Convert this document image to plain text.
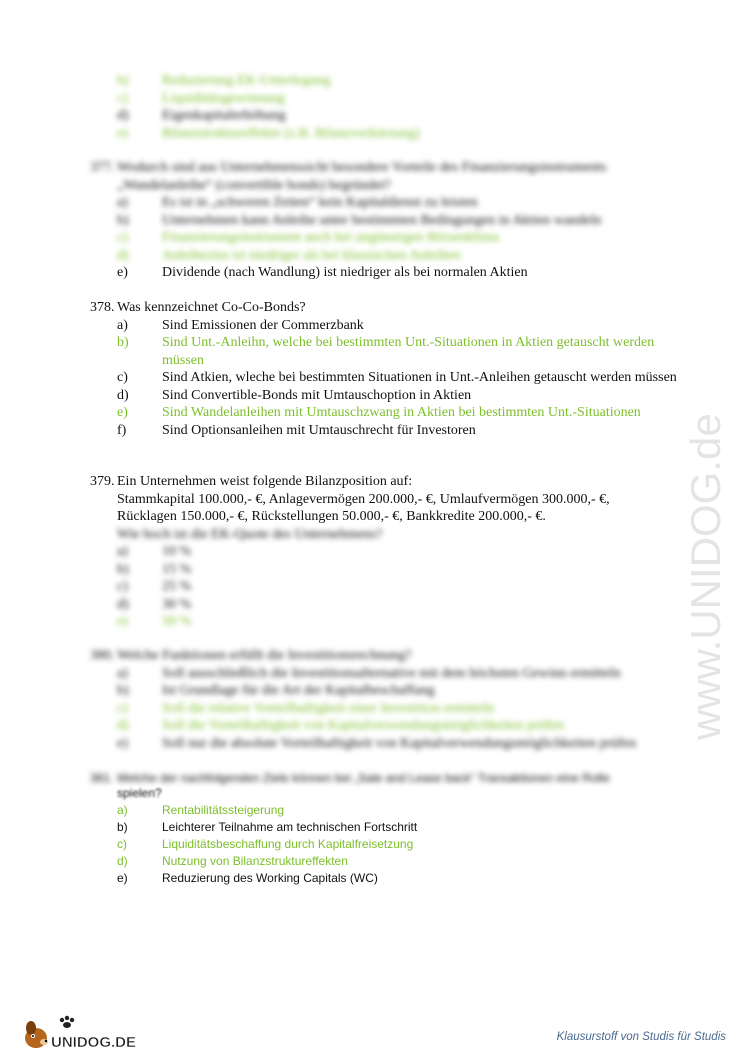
b)	Reduzierung EK-Unterlegung
c)	Liquiditätsgewinnung
d)	Eigenkapitalerhöhung
e)	Bilanzstruktureffekte (z.B. Bilanzverkürzung)
377. Wodurch sind aus Unternehmenssicht besondere Vorteile des Finanzierungsinstruments „Wandelanleihe“ (convertible bonds) begründet?
a)	Es ist in „schweren Zeiten“ kein Kapitaldienst zu leisten
b)	Unternehmen kann Anleihe unter bestimmten Bedingungen in Aktien wandeln
c)	Finanzierungsinstrument auch bei ungünstigen Börsenklima
d)	Anleihezins ist niedriger als bei klassischen Anleihen
e)	Dividende (nach Wandlung) ist niedriger als bei normalen Aktien
378. Was kennzeichnet Co-Co-Bonds?
a)	Sind Emissionen der Commerzbank
b)	Sind Unt.-Anleihn, welche bei bestimmten Unt.-Situationen in Aktien getauscht werden müssen
c)	Sind Atkien, wleche bei bestimmten Situationen in Unt.-Anleihen getauscht werden müssen
d)	Sind Convertible-Bonds mit Umtauschoption in Aktien
e)	Sind Wandelanleihen mit Umtauschzwang in Aktien bei bestimmten Unt.-Situationen
f)	Sind Optionsanleihen mit Umtauschrecht für Investoren
379. Ein Unternehmen weist folgende Bilanzposition auf:
Stammkapital 100.000,- €, Anlagevermögen 200.000,- €, Umlaufvermögen 300.000,- €,
Rücklagen 150.000,- €, Rückstellungen 50.000,- €, Bankkredite 200.000,- €.
Wie hoch ist die EK-Quote des Unternehmens?
a)	10 %
b)	15 %
c)	25 %
d)	30 %
e)	50 %
380. Welche Funktionen erfüllt die Investitionsrechnung?
a)	Soll ausschließlich die Investitionsalternative mit dem höchsten Gewinn ermitteln
b)	Ist Grundlage für die Art der Kapitalbeschaffung
c)	Soll die relative Vorteilhaftigkeit einer Investition ermitteln
d)	Soll die Vorteilhaftigkeit von Kapitalverwendungsmöglichkeiten prüfen
e)	Soll nur die absolute Vorteilhaftigkeit von Kapitalverwendungsmöglichkeiten prüfen
381. Welche der nachfolgenden Ziele können bei „Sale and Lease back“ Transaktionen eine Rolle
spielen?
a)	Rentabilitätssteigerung
b)	Leichterer Teilnahme am technischen Fortschritt
c)	Liquiditätsbeschaffung durch Kapitalfreisetzung
d)	Nutzung von Bilanzstruktureffekten
e)	Reduzierung des Working Capitals (WC)
www.UNIDOG.de
UNIDOG.DE	Klausurstoff von Studis für Studis
